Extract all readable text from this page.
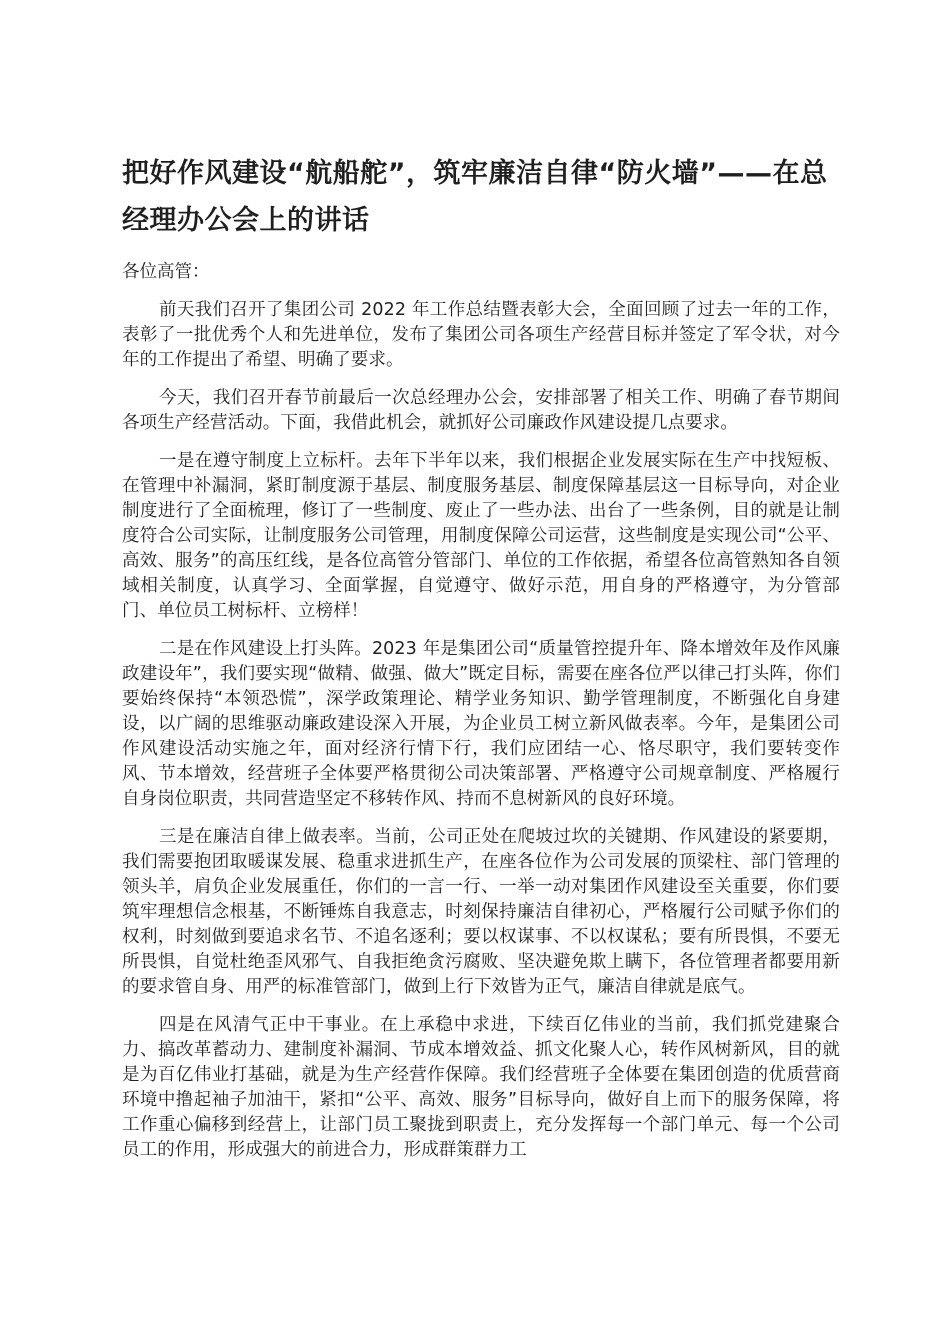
把好作风建设“航船舵”，筑牢廉洁自律“防火墙”——在总经理办公会上的讲话

各位高管：

前天我们召开了集团公司 2022 年工作总结暨表彰大会，全面回顾了过去一年的工作，表彰了一批优秀个人和先进单位，发布了集团公司各项生产经营目标并签定了军令状，对今年的工作提出了希望、明确了要求。

今天，我们召开春节前最后一次总经理办公会，安排部署了相关工作、明确了春节期间各项生产经营活动。下面，我借此机会，就抓好公司廉政作风建设提几点要求。

一是在遵守制度上立标杆。去年下半年以来，我们根据企业发展实际在生产中找短板、在管理中补漏洞，紧盯制度源于基层、制度服务基层、制度保障基层这一目标导向，对企业制度进行了全面梳理，修订了一些制度、废止了一些办法、出台了一些条例，目的就是让制度符合公司实际，让制度服务公司管理，用制度保障公司运营，这些制度是实现公司“公平、高效、服务”的高压红线，是各位高管分管部门、单位的工作依据，希望各位高管熟知各自领域相关制度，认真学习、全面掌握，自觉遵守、做好示范，用自身的严格遵守，为分管部门、单位员工树标杆、立榜样！

二是在作风建设上打头阵。2023 年是集团公司“质量管控提升年、降本增效年及作风廉政建设年”，我们要实现“做精、做强、做大”既定目标，需要在座各位严以律己打头阵，你们要始终保持“本领恐慌”，深学政策理论、精学业务知识、勤学管理制度，不断强化自身建设，以广阔的思维驱动廉政建设深入开展，为企业员工树立新风做表率。今年，是集团公司作风建设活动实施之年，面对经济行情下行，我们应团结一心、恪尽职守，我们要转变作风、节本增效，经营班子全体要严格贯彻公司决策部署、严格遵守公司规章制度、严格履行自身岗位职责，共同营造坚定不移转作风、持而不息树新风的良好环境。

三是在廉洁自律上做表率。当前，公司正处在爬坡过坎的关键期、作风建设的紧要期，我们需要抱团取暖谋发展、稳重求进抓生产，在座各位作为公司发展的顶梁柱、部门管理的领头羊，肩负企业发展重任，你们的一言一行、一举一动对集团作风建设至关重要，你们要筑牢理想信念根基，不断锤炼自我意志，时刻保持廉洁自律初心，严格履行公司赋予你们的权利，时刻做到要追求名节、不追名逐利；要以权谋事、不以权谋私；要有所畏惧，不要无所畏惧，自觉杜绝歪风邪气、自我拒绝贪污腐败、坚决避免欺上瞒下，各位管理者都要用新的要求管自身、用严的标准管部门，做到上行下效皆为正气，廉洁自律就是底气。

四是在风清气正中干事业。在上承稳中求进，下续百亿伟业的当前，我们抓党建聚合力、搞改革蓄动力、建制度补漏洞、节成本增效益、抓文化聚人心，转作风树新风，目的就是为百亿伟业打基础，就是为生产经营作保障。我们经营班子全体要在集团创造的优质营商环境中撸起袖子加油干，紧扣“公平、高效、服务”目标导向，做好自上而下的服务保障，将工作重心偏移到经营上，让部门员工聚拢到职责上，充分发挥每一个部门单元、每一个公司员工的作用，形成强大的前进合力，形成群策群力工
